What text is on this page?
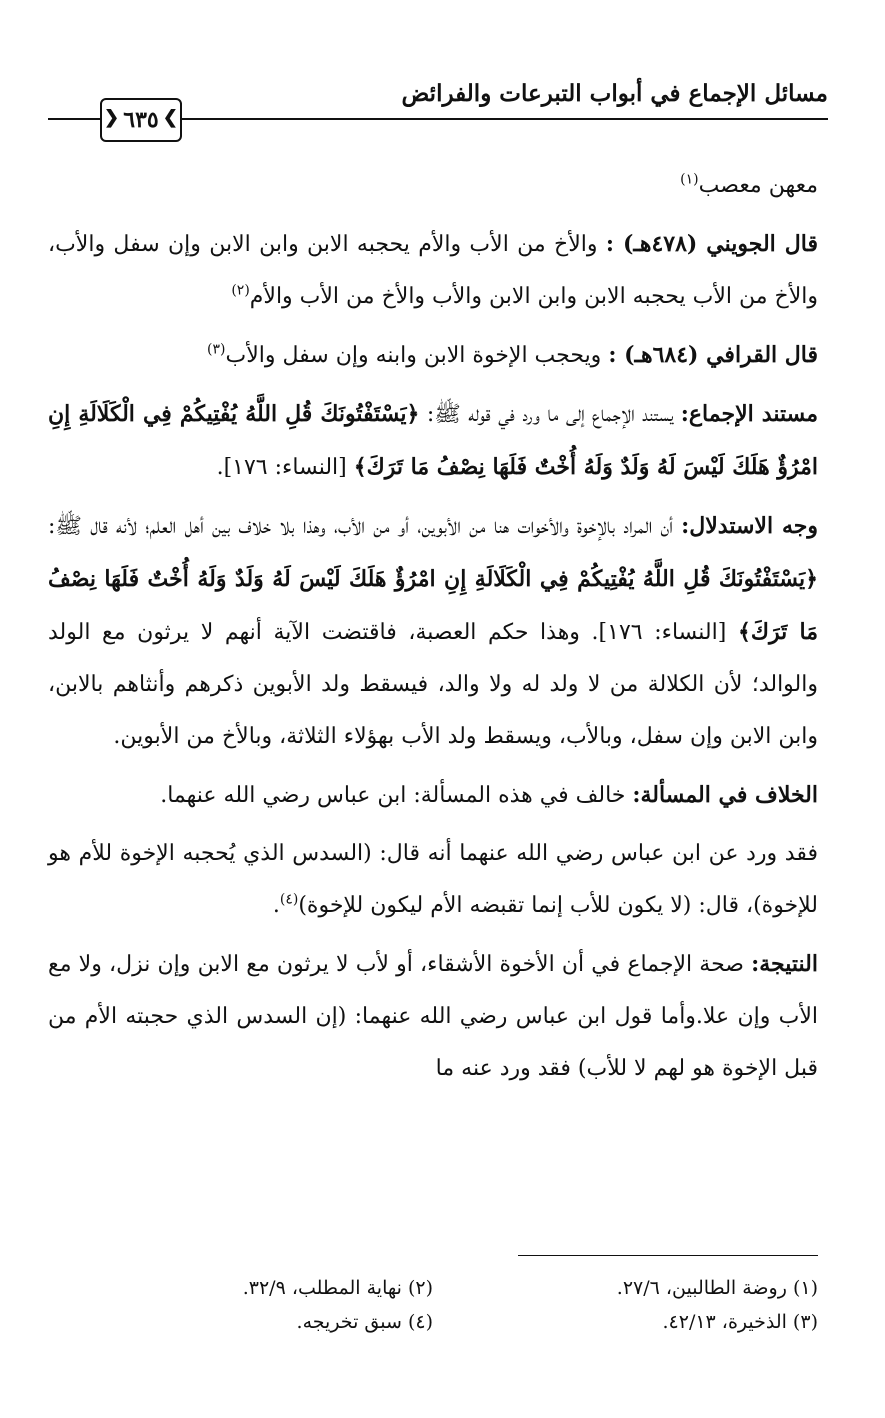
مسائل الإجماع في أبواب التبرعات والفرائض
❮ ٦٣٥ ❯

معهن معصب$^{(١)}$

قال الجويني (٤٧٨هـ) : والأخ من الأب والأم يحجبه الابن وابن الابن وإن سفل والأب، والأخ من الأب يحجبه الابن وابن الابن والأب والأخ من الأب والأم$^{(٢)}$

قال القرافي (٦٨٤هـ) : ويحجب الإخوة الابن وابنه وإن سفل والأب$^{(٣)}$

مستند الإجماع: يستند الإجماع إلى ما ورد في قوله ﷺ: ﴿يَسْتَفْتُونَكَ قُلِ اللَّهُ يُفْتِيكُمْ فِي الْكَلَالَةِ إِنِ امْرُؤٌ هَلَكَ لَيْسَ لَهُ وَلَدٌ وَلَهُ أُخْتٌ فَلَهَا نِصْفُ مَا تَرَكَ﴾ [النساء: ١٧٦].

وجه الاستدلال: أن المراد بالإخوة والأخوات هنا من الأبوين، أو من الأب، وهذا بلا خلاف بين أهل العلم؛ لأنه قال ﷺ: ﴿يَسْتَفْتُونَكَ قُلِ اللَّهُ يُفْتِيكُمْ فِي الْكَلَالَةِ إِنِ امْرُؤٌ هَلَكَ لَيْسَ لَهُ وَلَدٌ وَلَهُ أُخْتٌ فَلَهَا نِصْفُ مَا تَرَكَ﴾ [النساء: ١٧٦]. وهذا حكم العصبة، فاقتضت الآية أنهم لا يرثون مع الولد والوالد؛ لأن الكلالة من لا ولد له ولا والد، فيسقط ولد الأبوين ذكرهم وأنثاهم بالابن، وابن الابن وإن سفل، وبالأب، ويسقط ولد الأب بهؤلاء الثلاثة، وبالأخ من الأبوين.

الخلاف في المسألة: خالف في هذه المسألة: ابن عباس رضي الله عنهما.

فقد ورد عن ابن عباس رضي الله عنهما أنه قال: (السدس الذي يُحجبه الإخوة للأم هو للإخوة)، قال: (لا يكون للأب إنما تقبضه الأم ليكون للإخوة)$^{(٤)}$.

النتيجة: صحة الإجماع في أن الأخوة الأشقاء، أو لأب لا يرثون مع الابن وإن نزل، ولا مع الأب وإن علا.وأما قول ابن عباس رضي الله عنهما: (إن السدس الذي حجبته الأم من قبل الإخوة هو لهم لا للأب) فقد ورد عنه ما

(١) روضة الطالبين، ٢٧/٦.
(٢) نهاية المطلب، ٣٢/٩.
(٣) الذخيرة، ٤٢/١٣.
(٤) سبق تخريجه.
